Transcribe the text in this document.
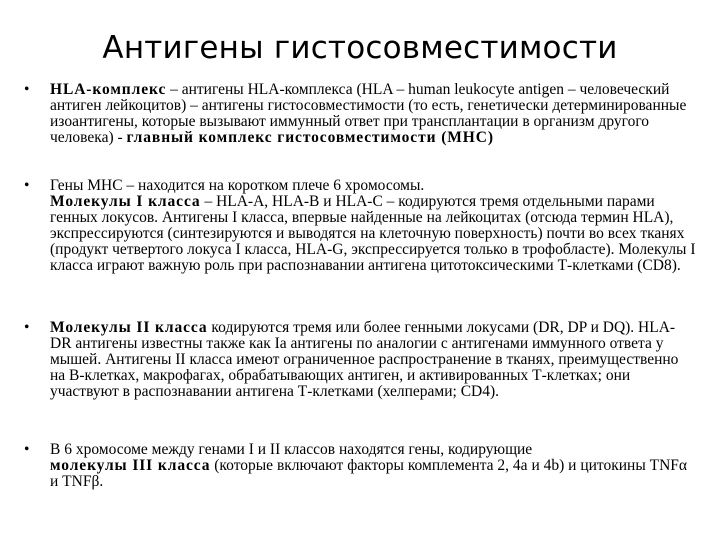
Антигены гистосовместимости
• HLA-комплекс – антигены HLA-комплекса (HLA – human leukocyte antigen – человеческий антиген лейкоцитов) – антигены гистосовместимости (то есть, генетически детерминированные изоантигены, которые вызывают иммунный ответ при трансплантации в организм другого человека) - главный комплекс гистосовместимости (МНС)
• Гены МНС – находится на коротком плече 6 хромосомы.
Молекулы I класса – HLA-A, HLA-B и HLA-C – кодируются тремя отдельными парами генных локусов. Антигены I класса, впервые найденные на лейкоцитах (отсюда термин HLA), экспрессируются (синтезируются и выводятся на клеточную поверхность) почти во всех тканях (продукт четвертого локуса I класса, HLA-G, экспрессируется только в трофобласте). Молекулы I класса играют важную роль при распознавании антигена цитотоксическими Т-клетками (CD8).
• Молекулы II класса кодируются тремя или более генными локусами (DR, DP и DQ). HLA-DR антигены известны также как Ia антигены по аналогии с антигенами иммунного ответа у мышей. Антигены II класса имеют ограниченное распространение в тканях, преимущественно на В-клетках, макрофагах, обрабатывающих антиген, и активированных Т-клетках; они участвуют в распознавании антигена Т-клетками (хелперами; CD4).
• В 6 хромосоме между генами I и II классов находятся гены, кодирующие
молекулы III класса (которые включают факторы комплемента 2, 4a и 4b) и цитокины TNFα и TNFβ.
